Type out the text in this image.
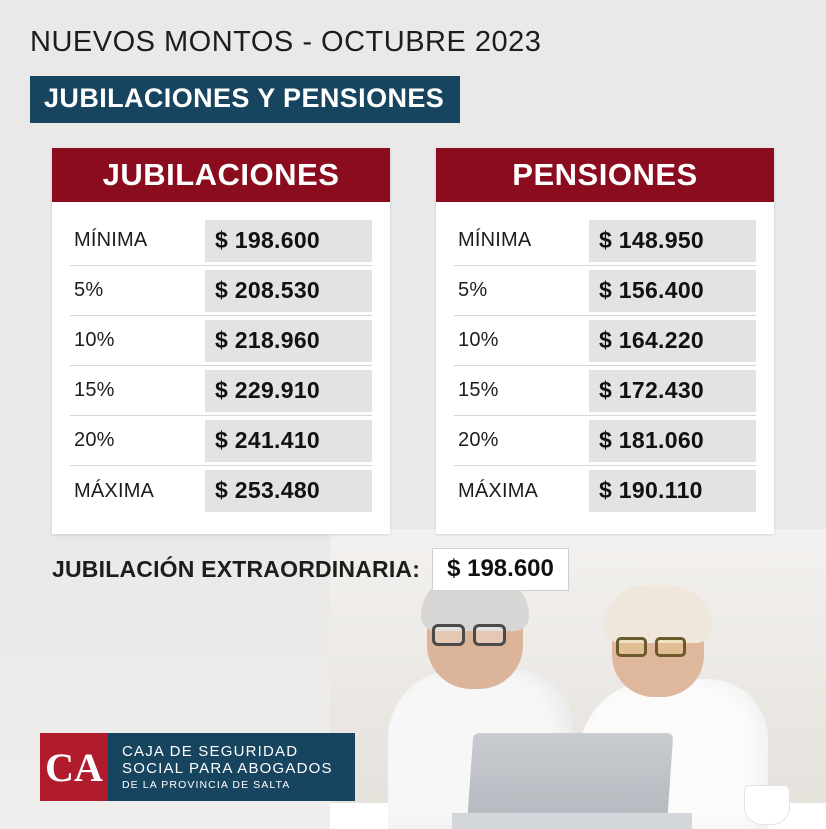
NUEVOS MONTOS - OCTUBRE 2023
JUBILACIONES Y PENSIONES
JUBILACIONES
MÍNIMA	$ 198.600
5%	$ 208.530
10%	$ 218.960
15%	$ 229.910
20%	$ 241.410
MÁXIMA	$ 253.480
PENSIONES
MÍNIMA	$ 148.950
5%	$ 156.400
10%	$ 164.220
15%	$ 172.430
20%	$ 181.060
MÁXIMA	$ 190.110
JUBILACIÓN EXTRAORDINARIA:	$ 198.600
CA	CAJA DE SEGURIDAD
SOCIAL PARA ABOGADOS
DE LA PROVINCIA DE SALTA
